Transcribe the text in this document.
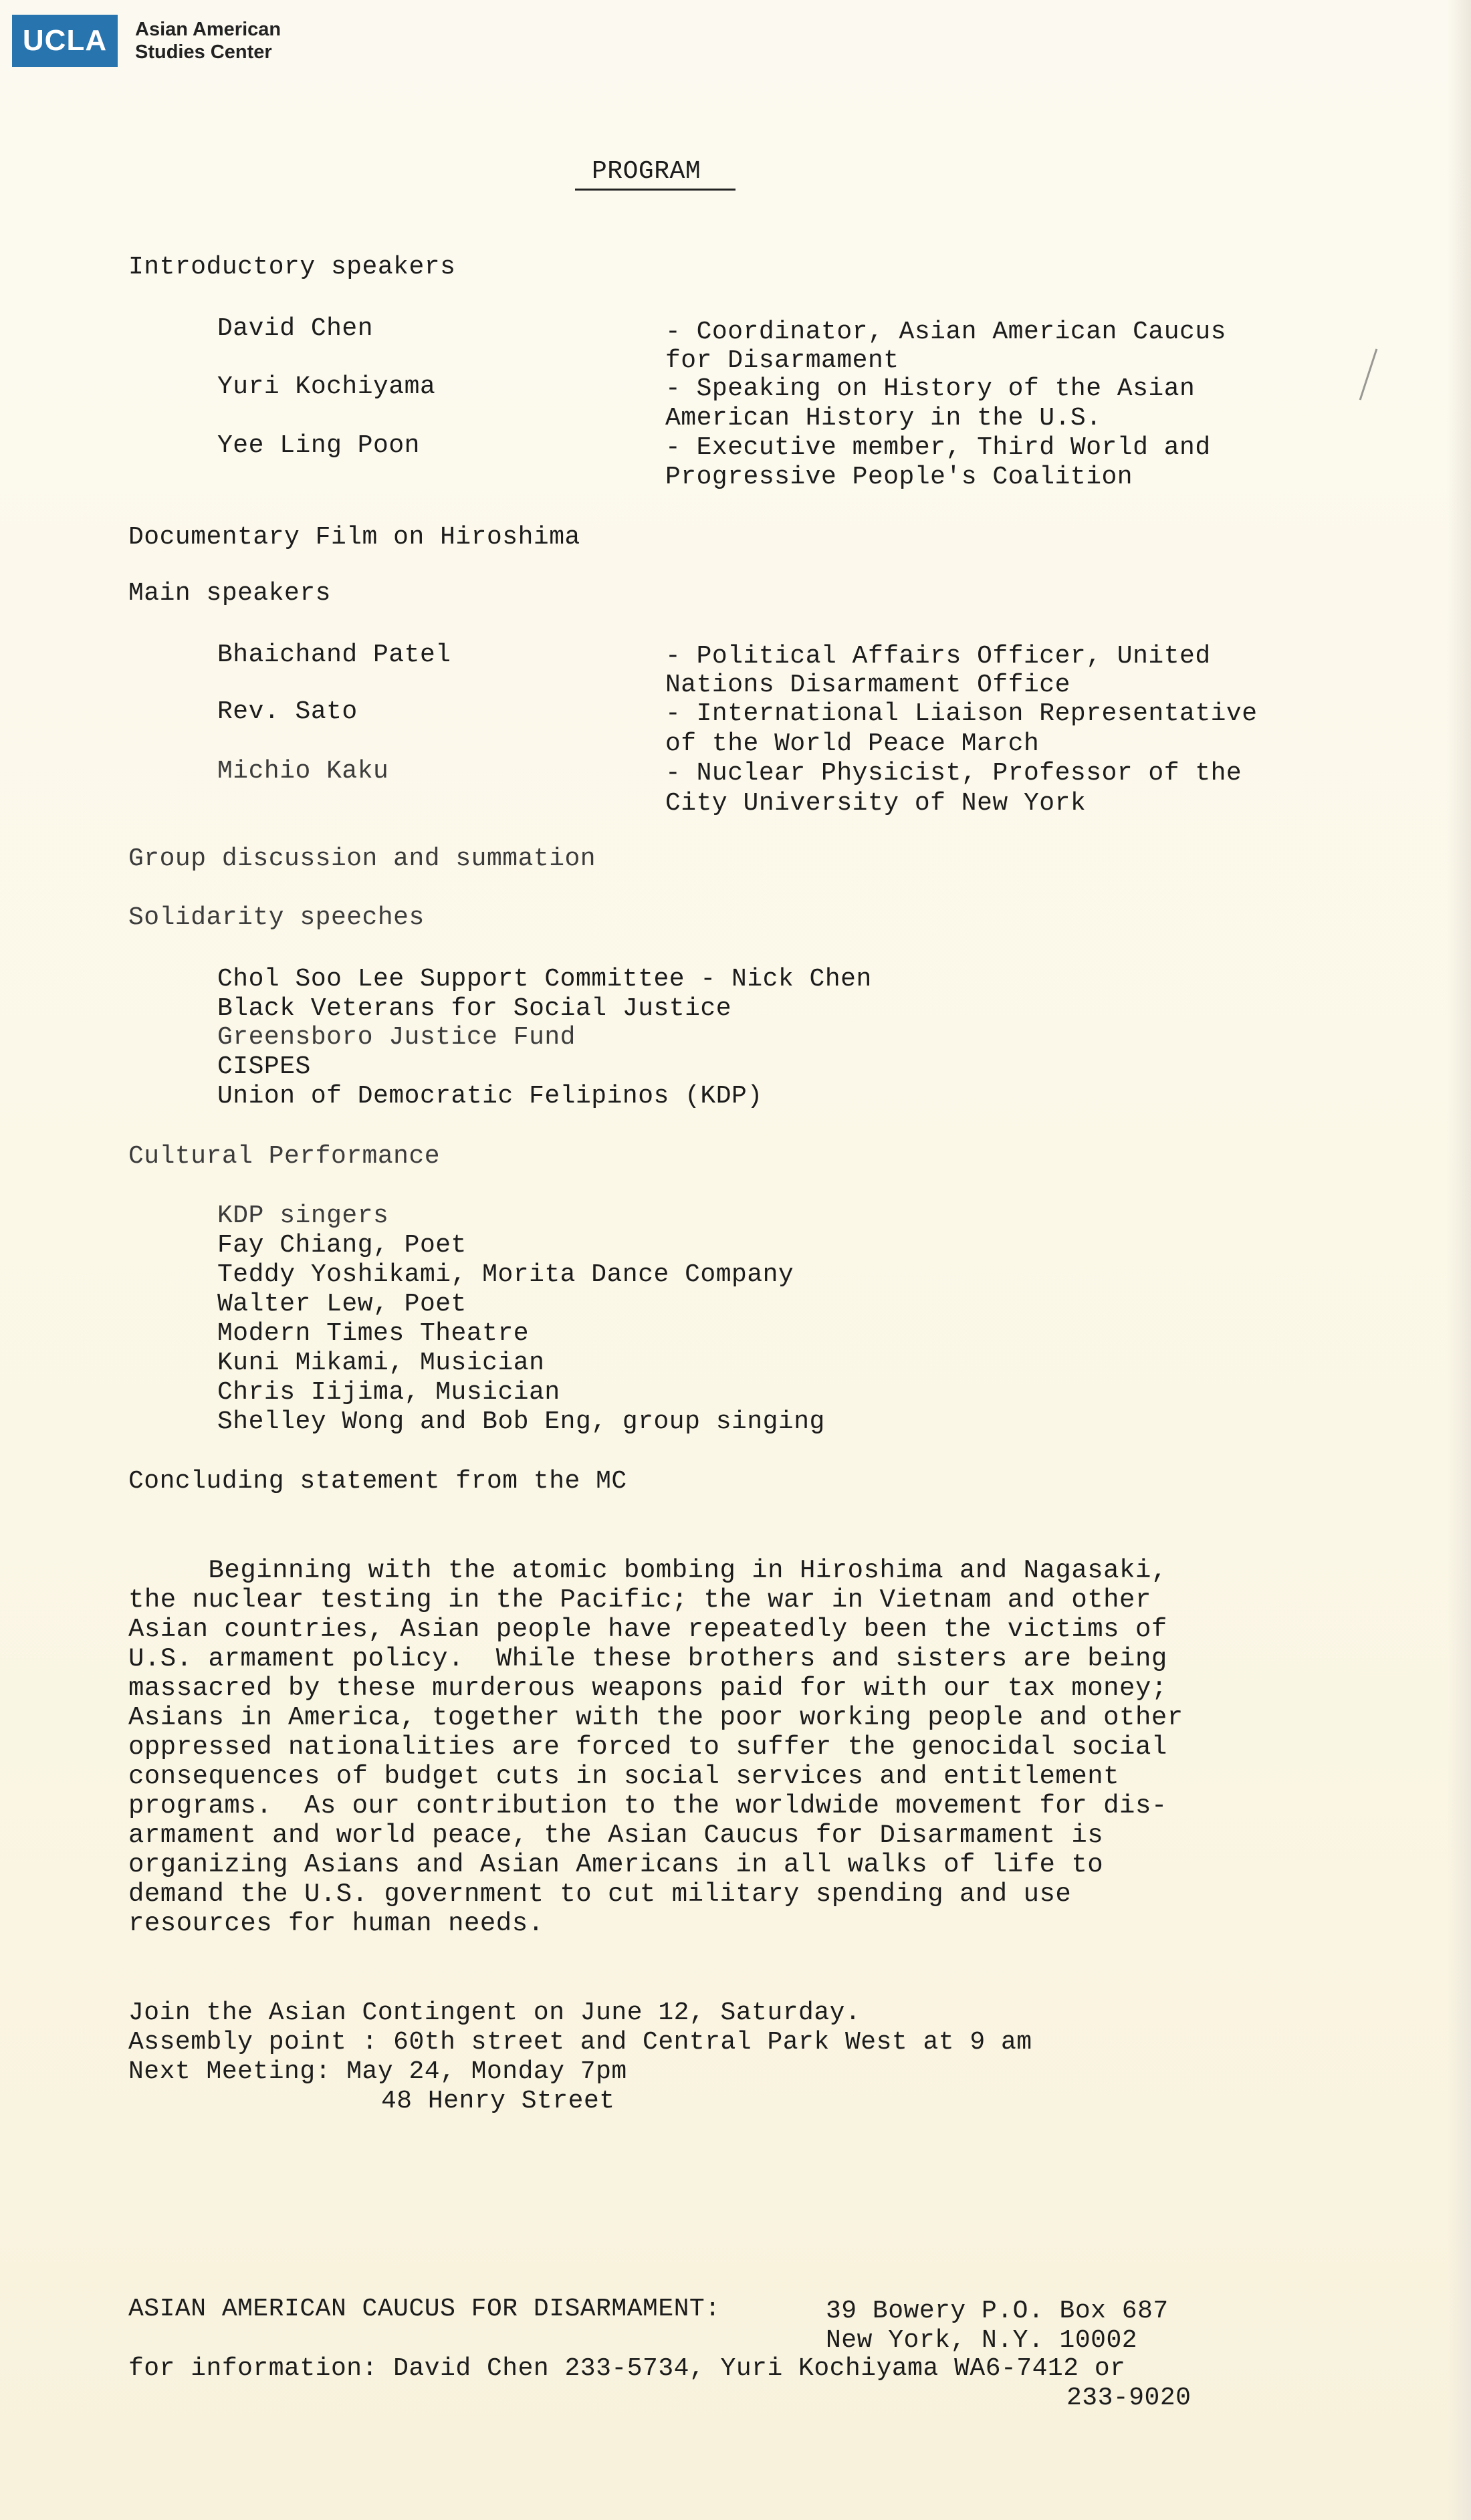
UCLA Asian American
Studies Center
PROGRAM
Introductory speakers
David Chen	- Coordinator, Asian American Caucus
for Disarmament
Yuri Kochiyama	- Speaking on History of the Asian
American History in the U.S.
Yee Ling Poon	- Executive member, Third World and
Progressive People's Coalition
Documentary Film on Hiroshima
Main speakers
Bhaichand Patel	- Political Affairs Officer, United
Nations Disarmament Office
Rev. Sato	- International Liaison Representative
of the World Peace March
Michio Kaku	- Nuclear Physicist, Professor of the
City University of New York
Group discussion and summation
Solidarity speeches
Chol Soo Lee Support Committee - Nick Chen
Black Veterans for Social Justice
Greensboro Justice Fund
CISPES
Union of Democratic Felipinos (KDP)
Cultural Performance
KDP singers
Fay Chiang, Poet
Teddy Yoshikami, Morita Dance Company
Walter Lew, Poet
Modern Times Theatre
Kuni Mikami, Musician
Chris Iijima, Musician
Shelley Wong and Bob Eng, group singing
Concluding statement from the MC
Beginning with the atomic bombing in Hiroshima and Nagasaki,
the nuclear testing in the Pacific; the war in Vietnam and other
Asian countries, Asian people have repeatedly been the victims of
U.S. armament policy.  While these brothers and sisters are being
massacred by these murderous weapons paid for with our tax money;
Asians in America, together with the poor working people and other
oppressed nationalities are forced to suffer the genocidal social
consequences of budget cuts in social services and entitlement
programs.  As our contribution to the worldwide movement for dis-
armament and world peace, the Asian Caucus for Disarmament is
organizing Asians and Asian Americans in all walks of life to
demand the U.S. government to cut military spending and use
resources for human needs.
Join the Asian Contingent on June 12, Saturday.
Assembly point : 60th street and Central Park West at 9 am
Next Meeting: May 24, Monday 7pm
48 Henry Street
ASIAN AMERICAN CAUCUS FOR DISARMAMENT:	39 Bowery P.O. Box 687
New York, N.Y. 10002
for information: David Chen 233-5734, Yuri Kochiyama WA6-7412 or
233-9020
